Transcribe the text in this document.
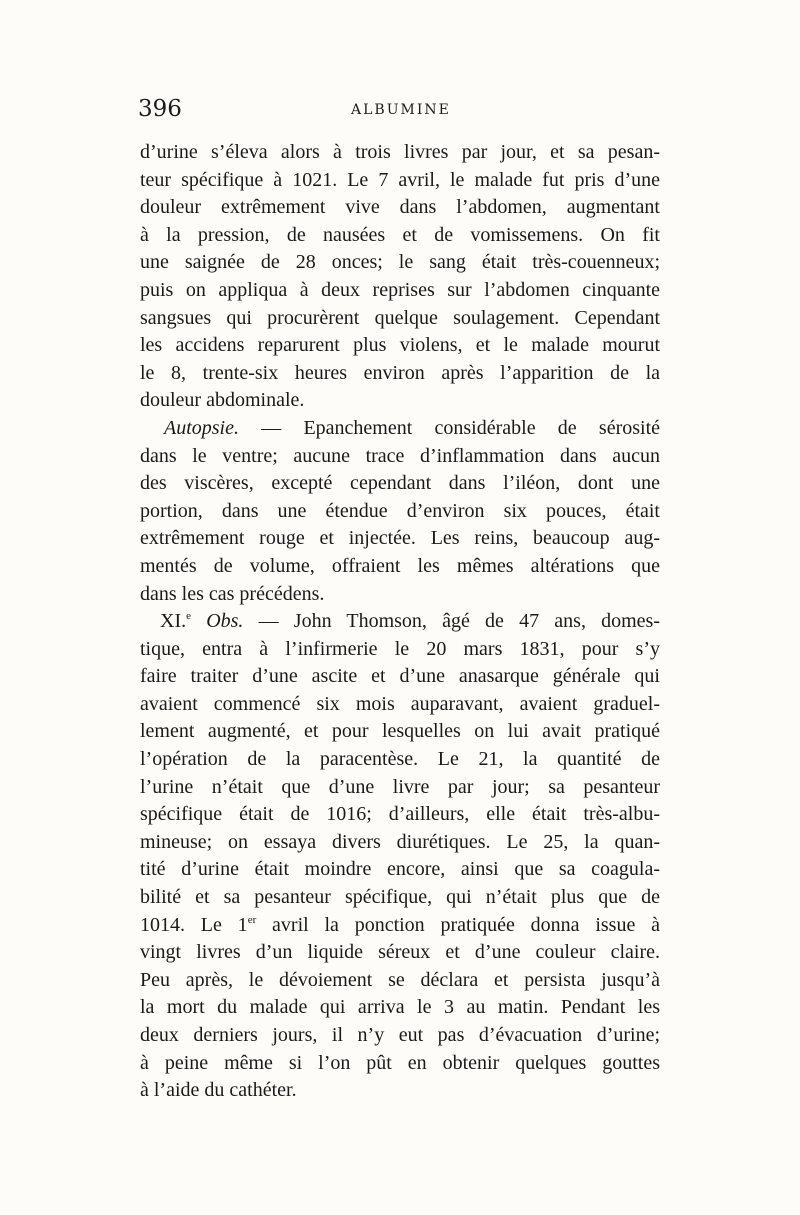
396	ALBUMINE
d’urine s’éleva alors à trois livres par jour, et sa pesan-
teur spécifique à 1021. Le 7 avril, le malade fut pris d’une
douleur extrêmement vive dans l’abdomen, augmentant
à la pression, de nausées et de vomissemens. On fit
une saignée de 28 onces; le sang était très-couenneux;
puis on appliqua à deux reprises sur l’abdomen cinquante
sangsues qui procurèrent quelque soulagement. Cependant
les accidens reparurent plus violens, et le malade mourut
le 8, trente-six heures environ après l’apparition de la
douleur abdominale.
Autopsie. — Epanchement considérable de sérosité
dans le ventre; aucune trace d’inflammation dans aucun
des viscères, excepté cependant dans l’iléon, dont une
portion, dans une étendue d’environ six pouces, était
extrêmement rouge et injectée. Les reins, beaucoup aug-
mentés de volume, offraient les mêmes altérations que
dans les cas précédens.
XI.$^e$ Obs. — John Thomson, âgé de 47 ans, domes-
tique, entra à l’infirmerie le 20 mars 1831, pour s’y
faire traiter d’une ascite et d’une anasarque générale qui
avaient commencé six mois auparavant, avaient graduel-
lement augmenté, et pour lesquelles on lui avait pratiqué
l’opération de la paracentèse. Le 21, la quantité de
l’urine n’était que d’une livre par jour; sa pesanteur
spécifique était de 1016; d’ailleurs, elle était très-albu-
mineuse; on essaya divers diurétiques. Le 25, la quan-
tité d’urine était moindre encore, ainsi que sa coagula-
bilité et sa pesanteur spécifique, qui n’était plus que de
1014. Le 1er avril la ponction pratiquée donna issue à
vingt livres d’un liquide séreux et d’une couleur claire.
Peu après, le dévoiement se déclara et persista jusqu’à
la mort du malade qui arriva le 3 au matin. Pendant les
deux derniers jours, il n’y eut pas d’évacuation d’urine;
à peine même si l’on pût en obtenir quelques gouttes
à l’aide du cathéter.
